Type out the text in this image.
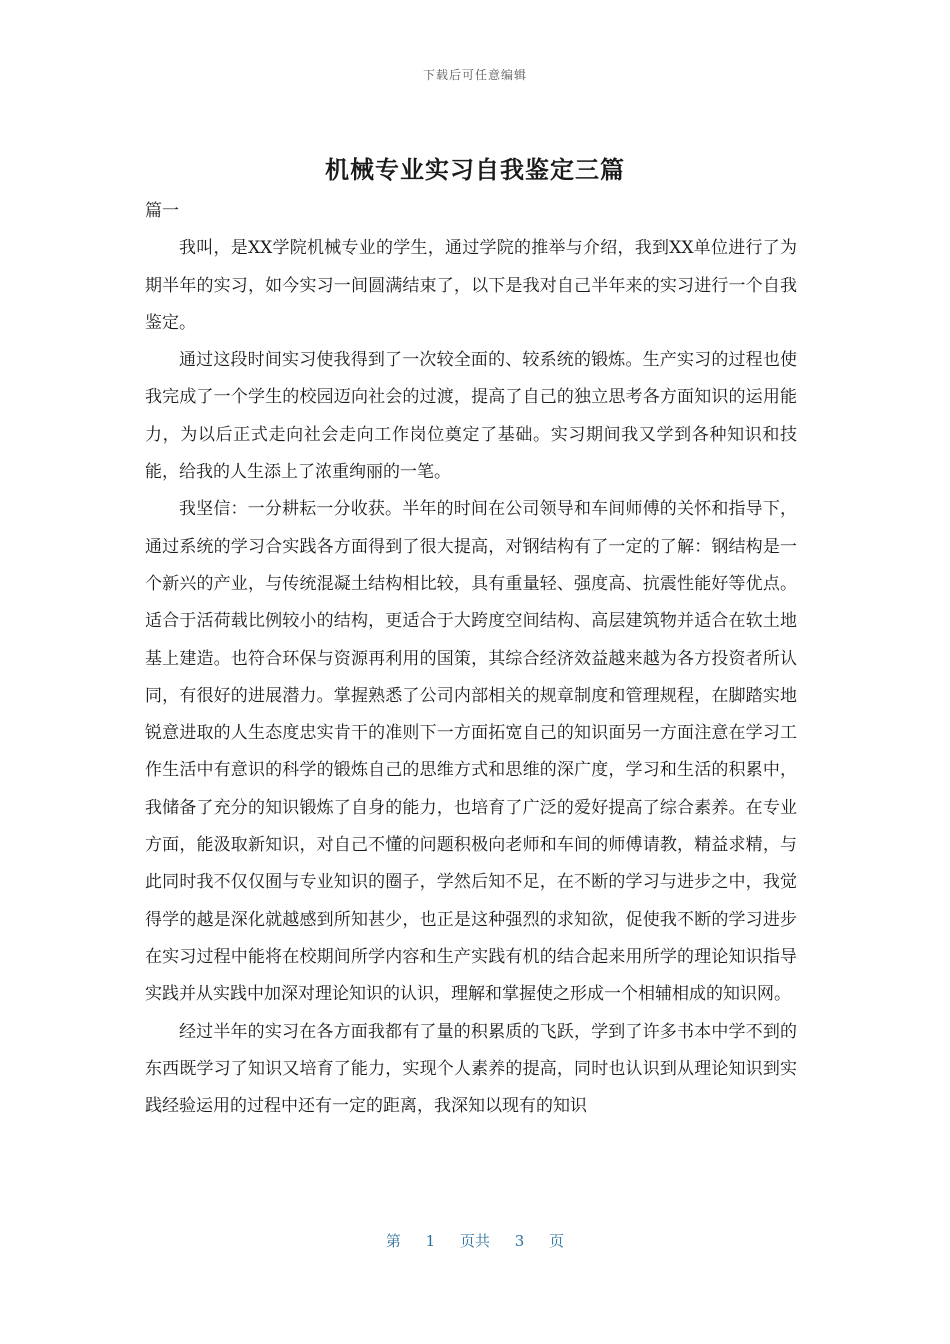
下载后可任意编辑
机械专业实习自我鉴定三篇

篇一

我叫，是XX学院机械专业的学生，通过学院的推举与介绍，我到XX单位进行了为期半年的实习，如今实习一间圆满结束了，以下是我对自己半年来的实习进行一个自我鉴定。

通过这段时间实习使我得到了一次较全面的、较系统的锻炼。生产实习的过程也使我完成了一个学生的校园迈向社会的过渡，提高了自己的独立思考各方面知识的运用能力，为以后正式走向社会走向工作岗位奠定了基础。实习期间我又学到各种知识和技能，给我的人生添上了浓重绚丽的一笔。

我坚信：一分耕耘一分收获。半年的时间在公司领导和车间师傅的关怀和指导下，通过系统的学习合实践各方面得到了很大提高，对钢结构有了一定的了解：钢结构是一个新兴的产业，与传统混凝土结构相比较，具有重量轻、强度高、抗震性能好等优点。适合于活荷载比例较小的结构，更适合于大跨度空间结构、高层建筑物并适合在软土地基上建造。也符合环保与资源再利用的国策，其综合经济效益越来越为各方投资者所认同，有很好的进展潜力。掌握熟悉了公司内部相关的规章制度和管理规程，在脚踏实地锐意进取的人生态度忠实肯干的准则下一方面拓宽自己的知识面另一方面注意在学习工作生活中有意识的科学的锻炼自己的思维方式和思维的深广度，学习和生活的积累中，我储备了充分的知识锻炼了自身的能力，也培育了广泛的爱好提高了综合素养。在专业方面，能汲取新知识，对自己不懂的问题积极向老师和车间的师傅请教，精益求精，与此同时我不仅仅囿与专业知识的圈子，学然后知不足，在不断的学习与进步之中，我觉得学的越是深化就越感到所知甚少，也正是这种强烈的求知欲，促使我不断的学习进步在实习过程中能将在校期间所学内容和生产实践有机的结合起来用所学的理论知识指导实践并从实践中加深对理论知识的认识，理解和掌握使之形成一个相辅相成的知识网。

经过半年的实习在各方面我都有了量的积累质的飞跃，学到了许多书本中学不到的东西既学习了知识又培育了能力，实现个人素养的提高，同时也认识到从理论知识到实践经验运用的过程中还有一定的距离，我深知以现有的知识

第 1 页共 3 页
